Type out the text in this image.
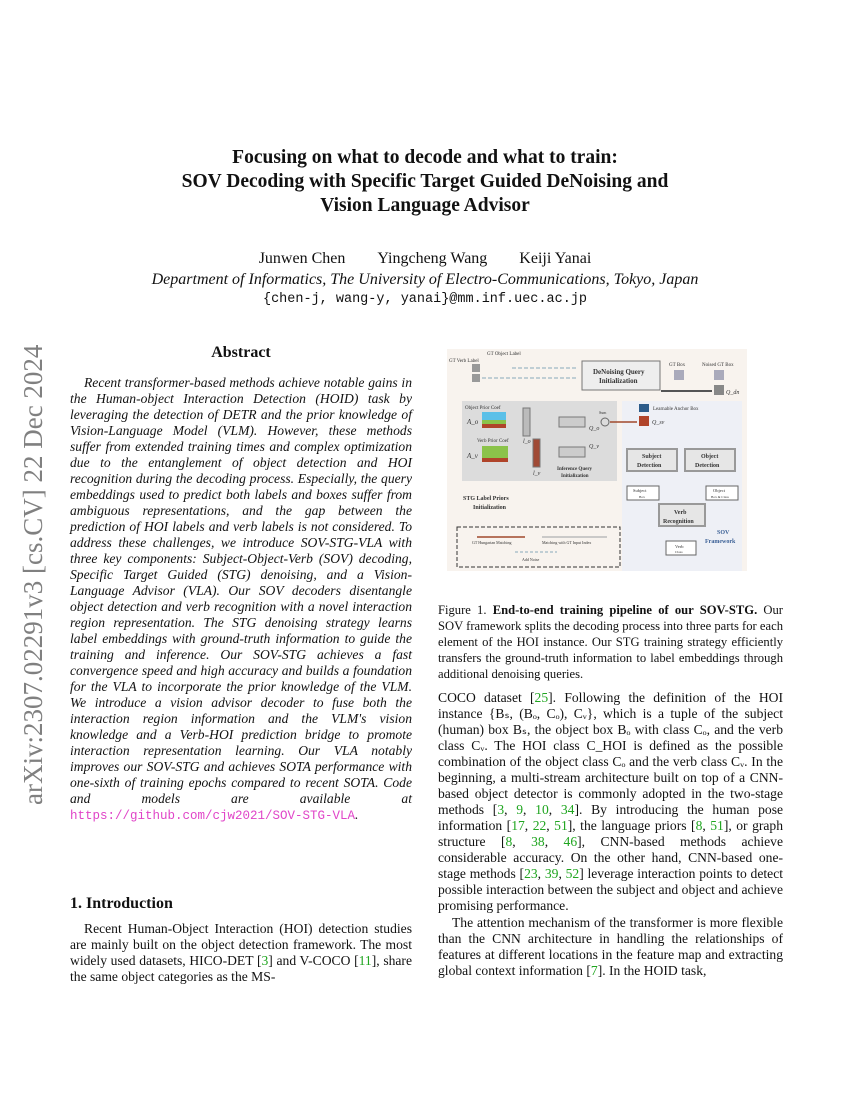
arXiv:2307.02291v3 [cs.CV] 22 Dec 2024
Focusing on what to decode and what to train:
SOV Decoding with Specific Target Guided DeNoising and
Vision Language Advisor
Junwen Chen Yingcheng Wang Keiji Yanai
Department of Informatics, The University of Electro-Communications, Tokyo, Japan
{chen-j, wang-y, yanai}@mm.inf.uec.ac.jp
Abstract
Recent transformer-based methods achieve notable gains in the Human-object Interaction Detection (HOID) task by leveraging the detection of DETR and the prior knowledge of Vision-Language Model (VLM). However, these methods suffer from extended training times and complex optimization due to the entanglement of object detection and HOI recognition during the decoding process. Especially, the query embeddings used to predict both labels and boxes suffer from ambiguous representations, and the gap between the prediction of HOI labels and verb labels is not considered. To address these challenges, we introduce SOV-STG-VLA with three key components: Subject-Object-Verb (SOV) decoding, Specific Target Guided (STG) denoising, and a Vision-Language Advisor (VLA). Our SOV decoders disentangle object detection and verb recognition with a novel interaction region representation. The STG denoising strategy learns label embeddings with ground-truth information to guide the training and inference. Our SOV-STG achieves a fast convergence speed and high accuracy and builds a foundation for the VLA to incorporate the prior knowledge of the VLM. We introduce a vision advisor decoder to fuse both the interaction region information and the VLM's vision knowledge and a Verb-HOI prediction bridge to promote interaction representation learning. Our VLA notably improves our SOV-STG and achieves SOTA performance with one-sixth of training epochs compared to recent SOTA. Code and models are available at https://github.com/cjw2021/SOV-STG-VLA.
1. Introduction

Recent Human-Object Interaction (HOI) detection studies are mainly built on the object detection framework. The most widely used datasets, HICO-DET [3] and V-COCO [11], share the same object categories as the MS-

GT Object Label
GT Verb Label
DeNoising Query
Initialization
GT Box	Noised GT Box
Q_dn
Object Prior Coef
Verb Prior Coef
A_o
A_v
l_o
l_v
Q_o
Q_v
Sum
Learnable Anchor Box
Q_sv
Inference Query
Initialization
Subject
Detection
Object
Detection
Subject
Box
Object
Box & Class
STG Label Priors
Initialization
Verb
Recognition
SOV
Framework
Verb
Class
GT Hungarian Matching	Matching with GT Input Index
Add Noise
Figure 1. End-to-end training pipeline of our SOV-STG. Our SOV framework splits the decoding process into three parts for each element of the HOI instance. Our STG training strategy efficiently transfers the ground-truth information to label embeddings through additional denoising queries.
COCO dataset [25]. Following the definition of the HOI instance {Bₛ, (Bₒ, Cₒ), Cᵥ}, which is a tuple of the subject (human) box Bₛ, the object box Bₒ with class Cₒ, and the verb class Cᵥ. The HOI class C_HOI is defined as the possible combination of the object class Cₒ and the verb class Cᵥ. In the beginning, a multi-stream architecture built on top of a CNN-based object detector is commonly adopted in the two-stage methods [3, 9, 10, 34]. By introducing the human pose information [17, 22, 51], the language priors [8, 51], or graph structure [8, 38, 46], CNN-based methods achieve considerable accuracy. On the other hand, CNN-based one-stage methods [23, 39, 52] leverage interaction points to detect possible interaction between the subject and object and achieve promising performance.

The attention mechanism of the transformer is more flexible than the CNN architecture in handling the relationships of features at different locations in the feature map and extracting global context information [7]. In the HOID task,
